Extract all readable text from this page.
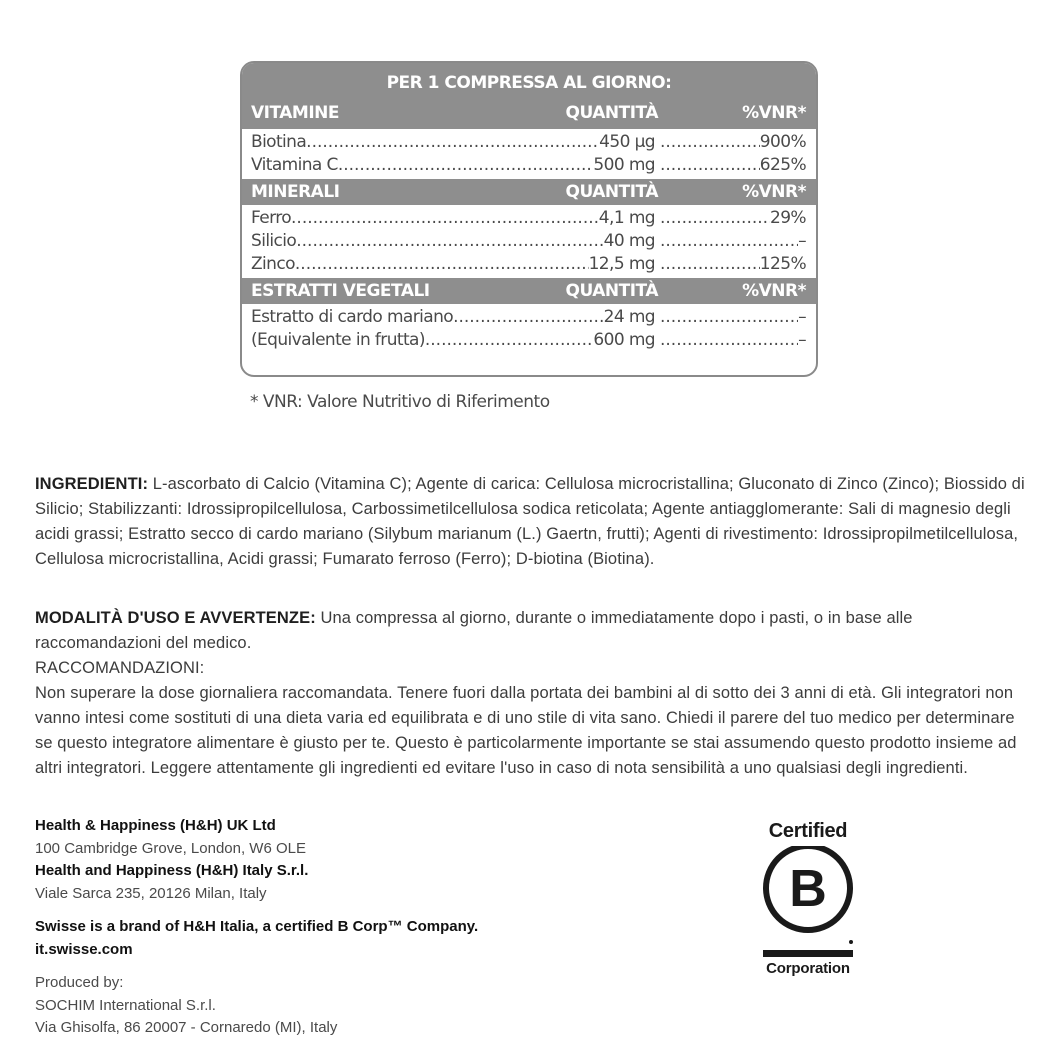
PER 1 COMPRESSA AL GIORNO:
VITAMINE	QUANTITÀ	%VNR*
Biotina .....	450 µg .....	900%
Vitamina C .....	500 mg .....	625%
MINERALI	QUANTITÀ	%VNR*
Ferro .....	4,1 mg .....	29%
Silicio .....	40 mg .....	–
Zinco .....	12,5 mg .....	125%
ESTRATTI VEGETALI	QUANTITÀ	%VNR*
Estratto di cardo mariano .....	24 mg .....	–
(Equivalente in frutta) .....	600 mg .....	–
* VNR: Valore Nutritivo di Riferimento
INGREDIENTI: L-ascorbato di Calcio (Vitamina C); Agente di carica: Cellulosa microcristallina; Gluconato di Zinco (Zinco); Biossido di Silicio; Stabilizzanti: Idrossipropilcellulosa, Carbossimetilcellulosa sodica reticolata; Agente antiagglomerante: Sali di magnesio degli acidi grassi; Estratto secco di cardo mariano (Silybum marianum (L.) Gaertn, frutti); Agenti di rivestimento: Idrossipropilmetilcellulosa, Cellulosa microcristallina, Acidi grassi; Fumarato ferroso (Ferro); D-biotina (Biotina).
MODALITÀ D'USO E AVVERTENZE: Una compressa al giorno, durante o immediatamente dopo i pasti, o in base alle raccomandazioni del medico.
RACCOMANDAZIONI:
Non superare la dose giornaliera raccomandata. Tenere fuori dalla portata dei bambini al di sotto dei 3 anni di età. Gli integratori non vanno intesi come sostituti di una dieta varia ed equilibrata e di uno stile di vita sano. Chiedi il parere del tuo medico per determinare se questo integratore alimentare è giusto per te. Questo è particolarmente importante se stai assumendo questo prodotto insieme ad altri integratori. Leggere attentamente gli ingredienti ed evitare l'uso in caso di nota sensibilità a uno qualsiasi degli ingredienti.
Health & Happiness (H&H) UK Ltd
100 Cambridge Grove, London, W6 OLE
Health and Happiness (H&H) Italy S.r.l.
Viale Sarca 235, 20126 Milan, Italy
Swisse is a brand of H&H Italia, a certified B Corp™ Company.
it.swisse.com
Produced by:
SOCHIM International S.r.l.
Via Ghisolfa, 86 20007 - Cornaredo (MI), Italy
Certified
B
Corporation
